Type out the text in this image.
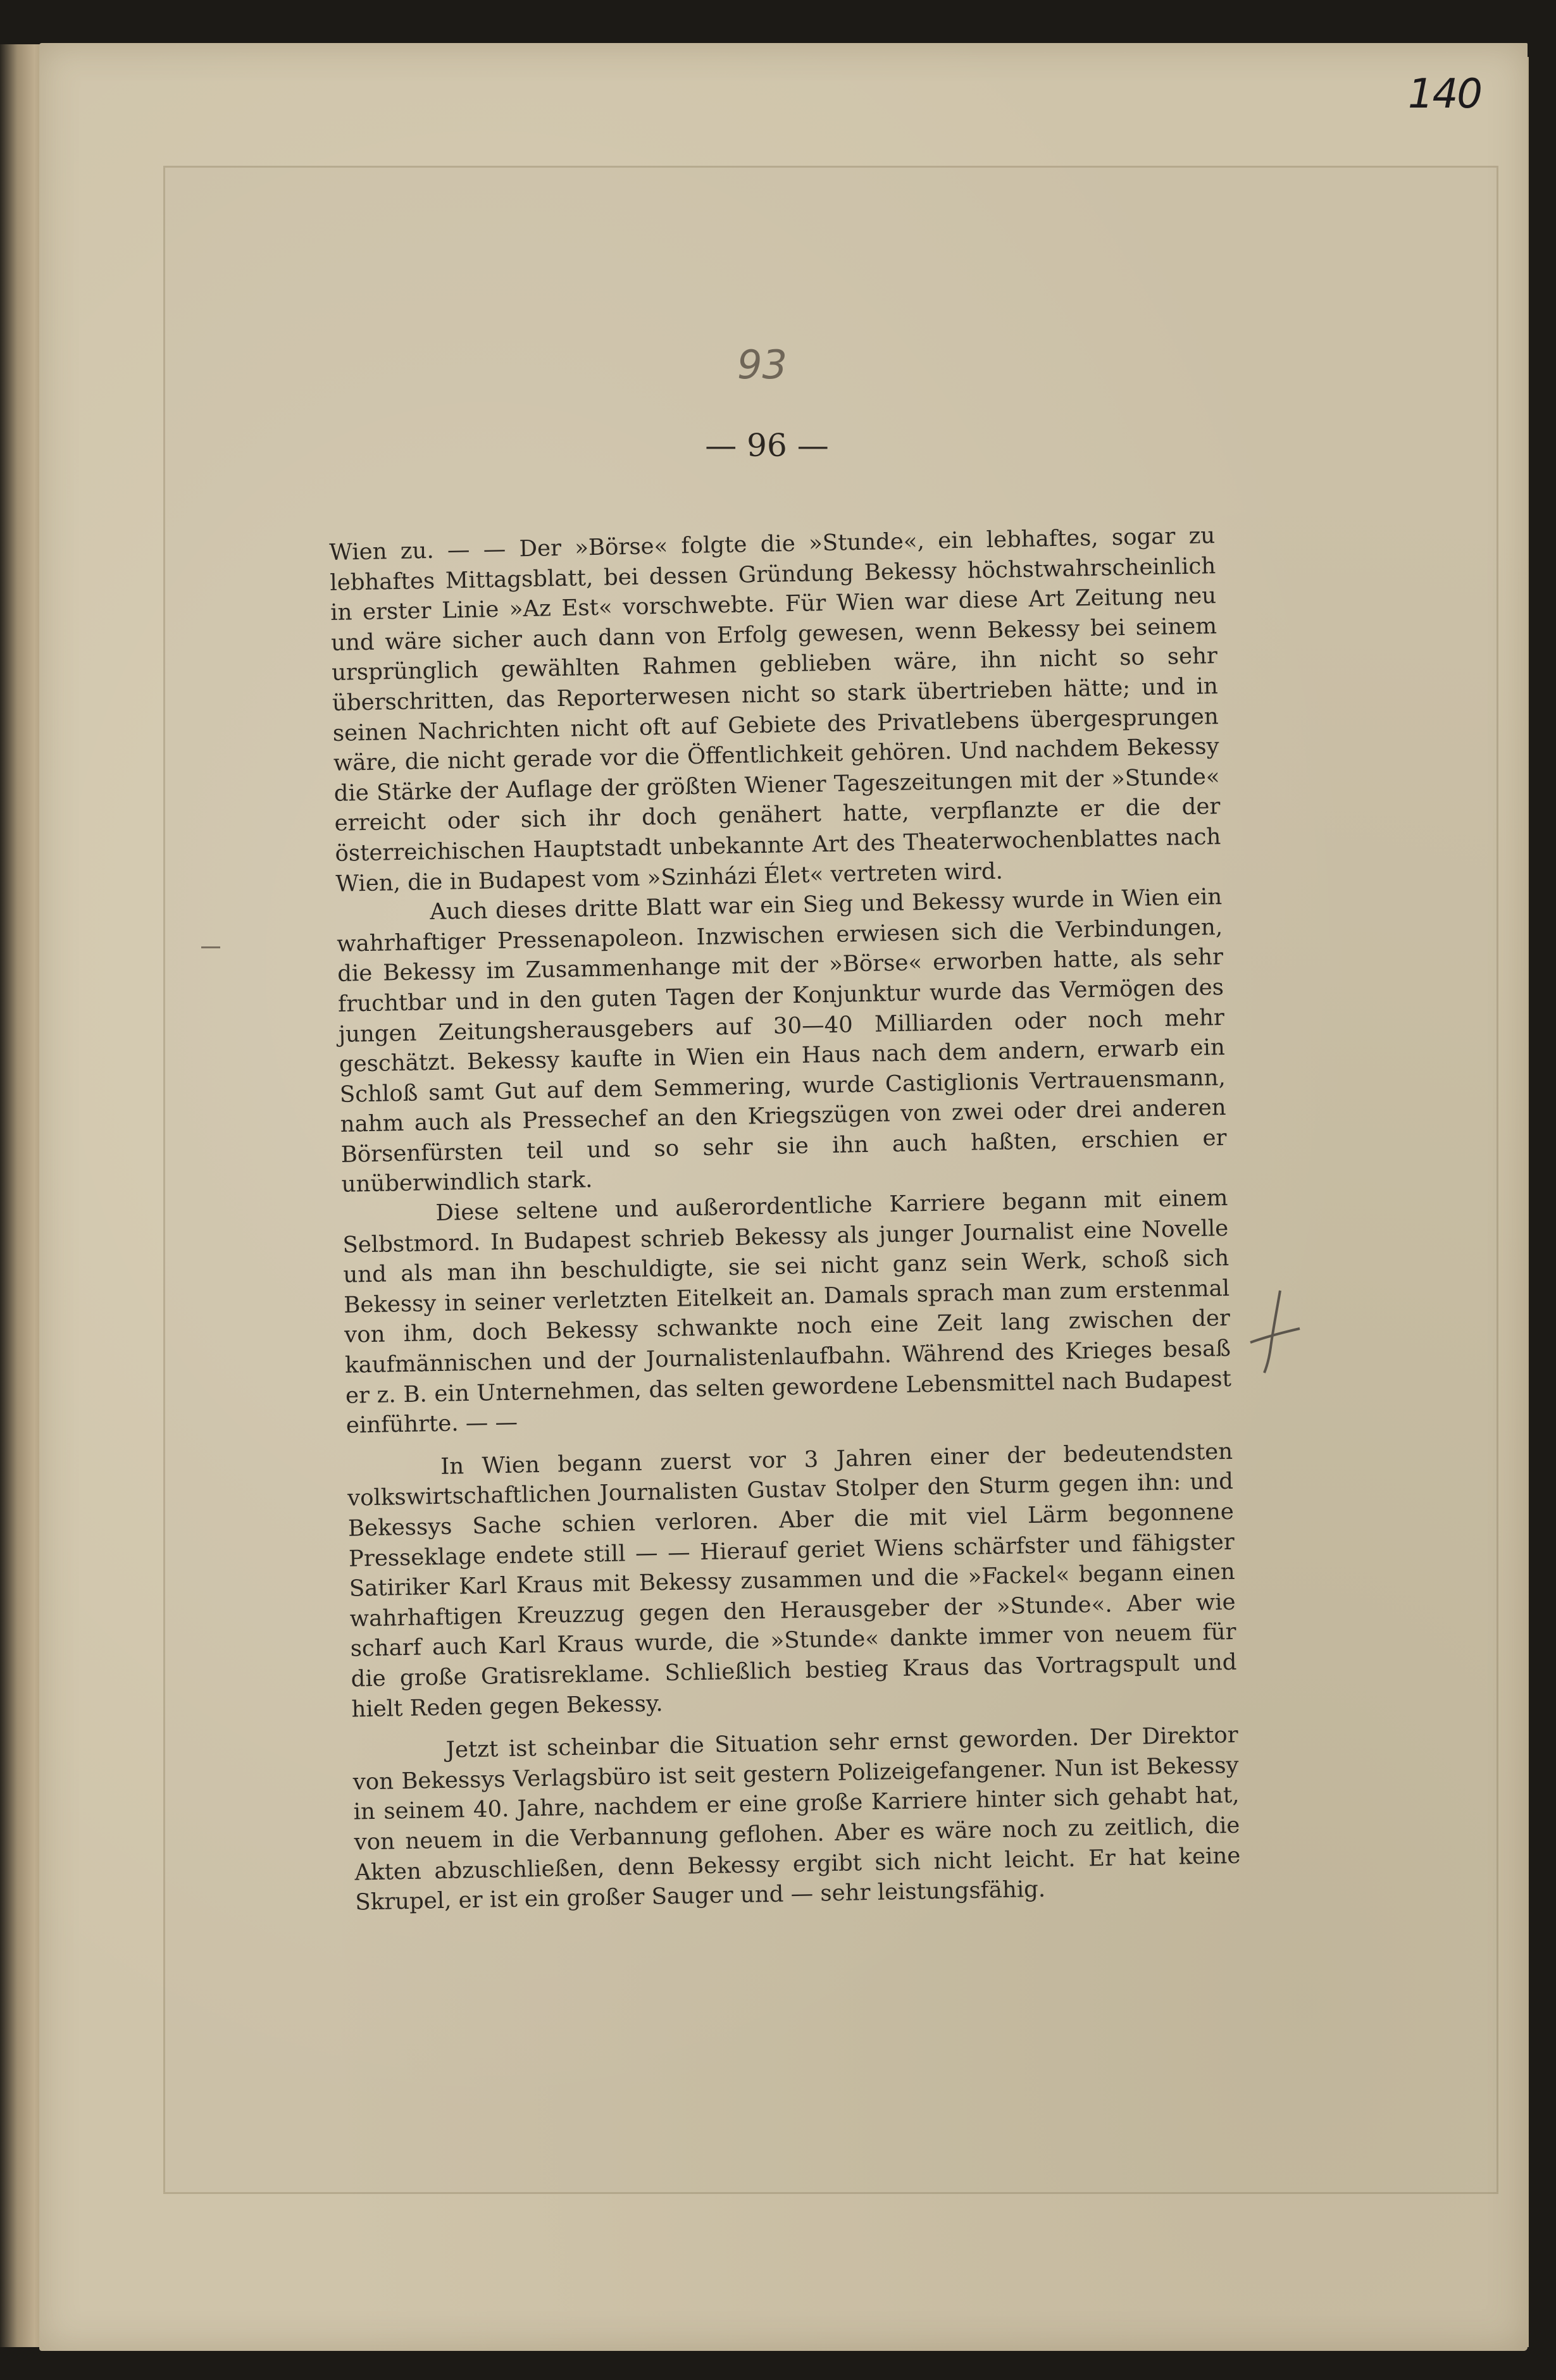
140
93
— 96 —

Wien zu. — — Der »Börse« folgte die »Stunde«, ein lebhaftes, sogar zu lebhaftes Mittagsblatt, bei dessen Gründung Bekessy höchstwahrscheinlich in erster Linie »Az Est« vorschwebte. Für Wien war diese Art Zeitung neu und wäre sicher auch dann von Erfolg gewesen, wenn Bekessy bei seinem ursprünglich gewählten Rahmen geblieben wäre, ihn nicht so sehr überschritten, das Reporterwesen nicht so stark übertrieben hätte; und in seinen Nachrichten nicht oft auf Gebiete des Privatlebens übergesprungen wäre, die nicht gerade vor die Öffentlichkeit gehören. Und nachdem Bekessy die Stärke der Auflage der größten Wiener Tageszeitungen mit der »Stunde« erreicht oder sich ihr doch genähert hatte, verpflanzte er die der österreichischen Hauptstadt unbekannte Art des Theaterwochenblattes nach Wien, die in Budapest vom »Szinházi Élet« vertreten wird.

Auch dieses dritte Blatt war ein Sieg und Bekessy wurde in Wien ein wahrhaftiger Pressenapoleon. Inzwischen erwiesen sich die Verbindungen, die Bekessy im Zusammenhange mit der »Börse« erworben hatte, als sehr fruchtbar und in den guten Tagen der Konjunktur wurde das Vermögen des jungen Zeitungsherausgebers auf 30—40 Milliarden oder noch mehr geschätzt. Bekessy kaufte in Wien ein Haus nach dem andern, erwarb ein Schloß samt Gut auf dem Semmering, wurde Castiglionis Vertrauensmann, nahm auch als Pressechef an den Kriegszügen von zwei oder drei anderen Börsenfürsten teil und so sehr sie ihn auch haßten, erschien er unüberwindlich stark.

Diese seltene und außerordentliche Karriere begann mit einem Selbstmord. In Budapest schrieb Bekessy als junger Journalist eine Novelle und als man ihn beschuldigte, sie sei nicht ganz sein Werk, schoß sich Bekessy in seiner verletzten Eitelkeit an. Damals sprach man zum erstenmal von ihm, doch Bekessy schwankte noch eine Zeit lang zwischen der kaufmännischen und der Journalistenlaufbahn. Während des Krieges besaß er z. B. ein Unternehmen, das selten gewordene Lebensmittel nach Budapest einführte. — —

In Wien begann zuerst vor 3 Jahren einer der bedeutendsten volkswirtschaftlichen Journalisten Gustav Stolper den Sturm gegen ihn: und Bekessys Sache schien verloren. Aber die mit viel Lärm begonnene Presseklage endete still — — Hierauf geriet Wiens schärfster und fähigster Satiriker Karl Kraus mit Bekessy zusammen und die »Fackel« begann einen wahrhaftigen Kreuzzug gegen den Herausgeber der »Stunde«. Aber wie scharf auch Karl Kraus wurde, die »Stunde« dankte immer von neuem für die große Gratisreklame. Schließlich bestieg Kraus das Vortragspult und hielt Reden gegen Bekessy.

Jetzt ist scheinbar die Situation sehr ernst geworden. Der Direktor von Bekessys Verlagsbüro ist seit gestern Polizeigefangener. Nun ist Bekessy in seinem 40. Jahre, nachdem er eine große Karriere hinter sich gehabt hat, von neuem in die Verbannung geflohen. Aber es wäre noch zu zeitlich, die Akten abzuschließen, denn Bekessy ergibt sich nicht leicht. Er hat keine Skrupel, er ist ein großer Sauger und — sehr leistungsfähig.
